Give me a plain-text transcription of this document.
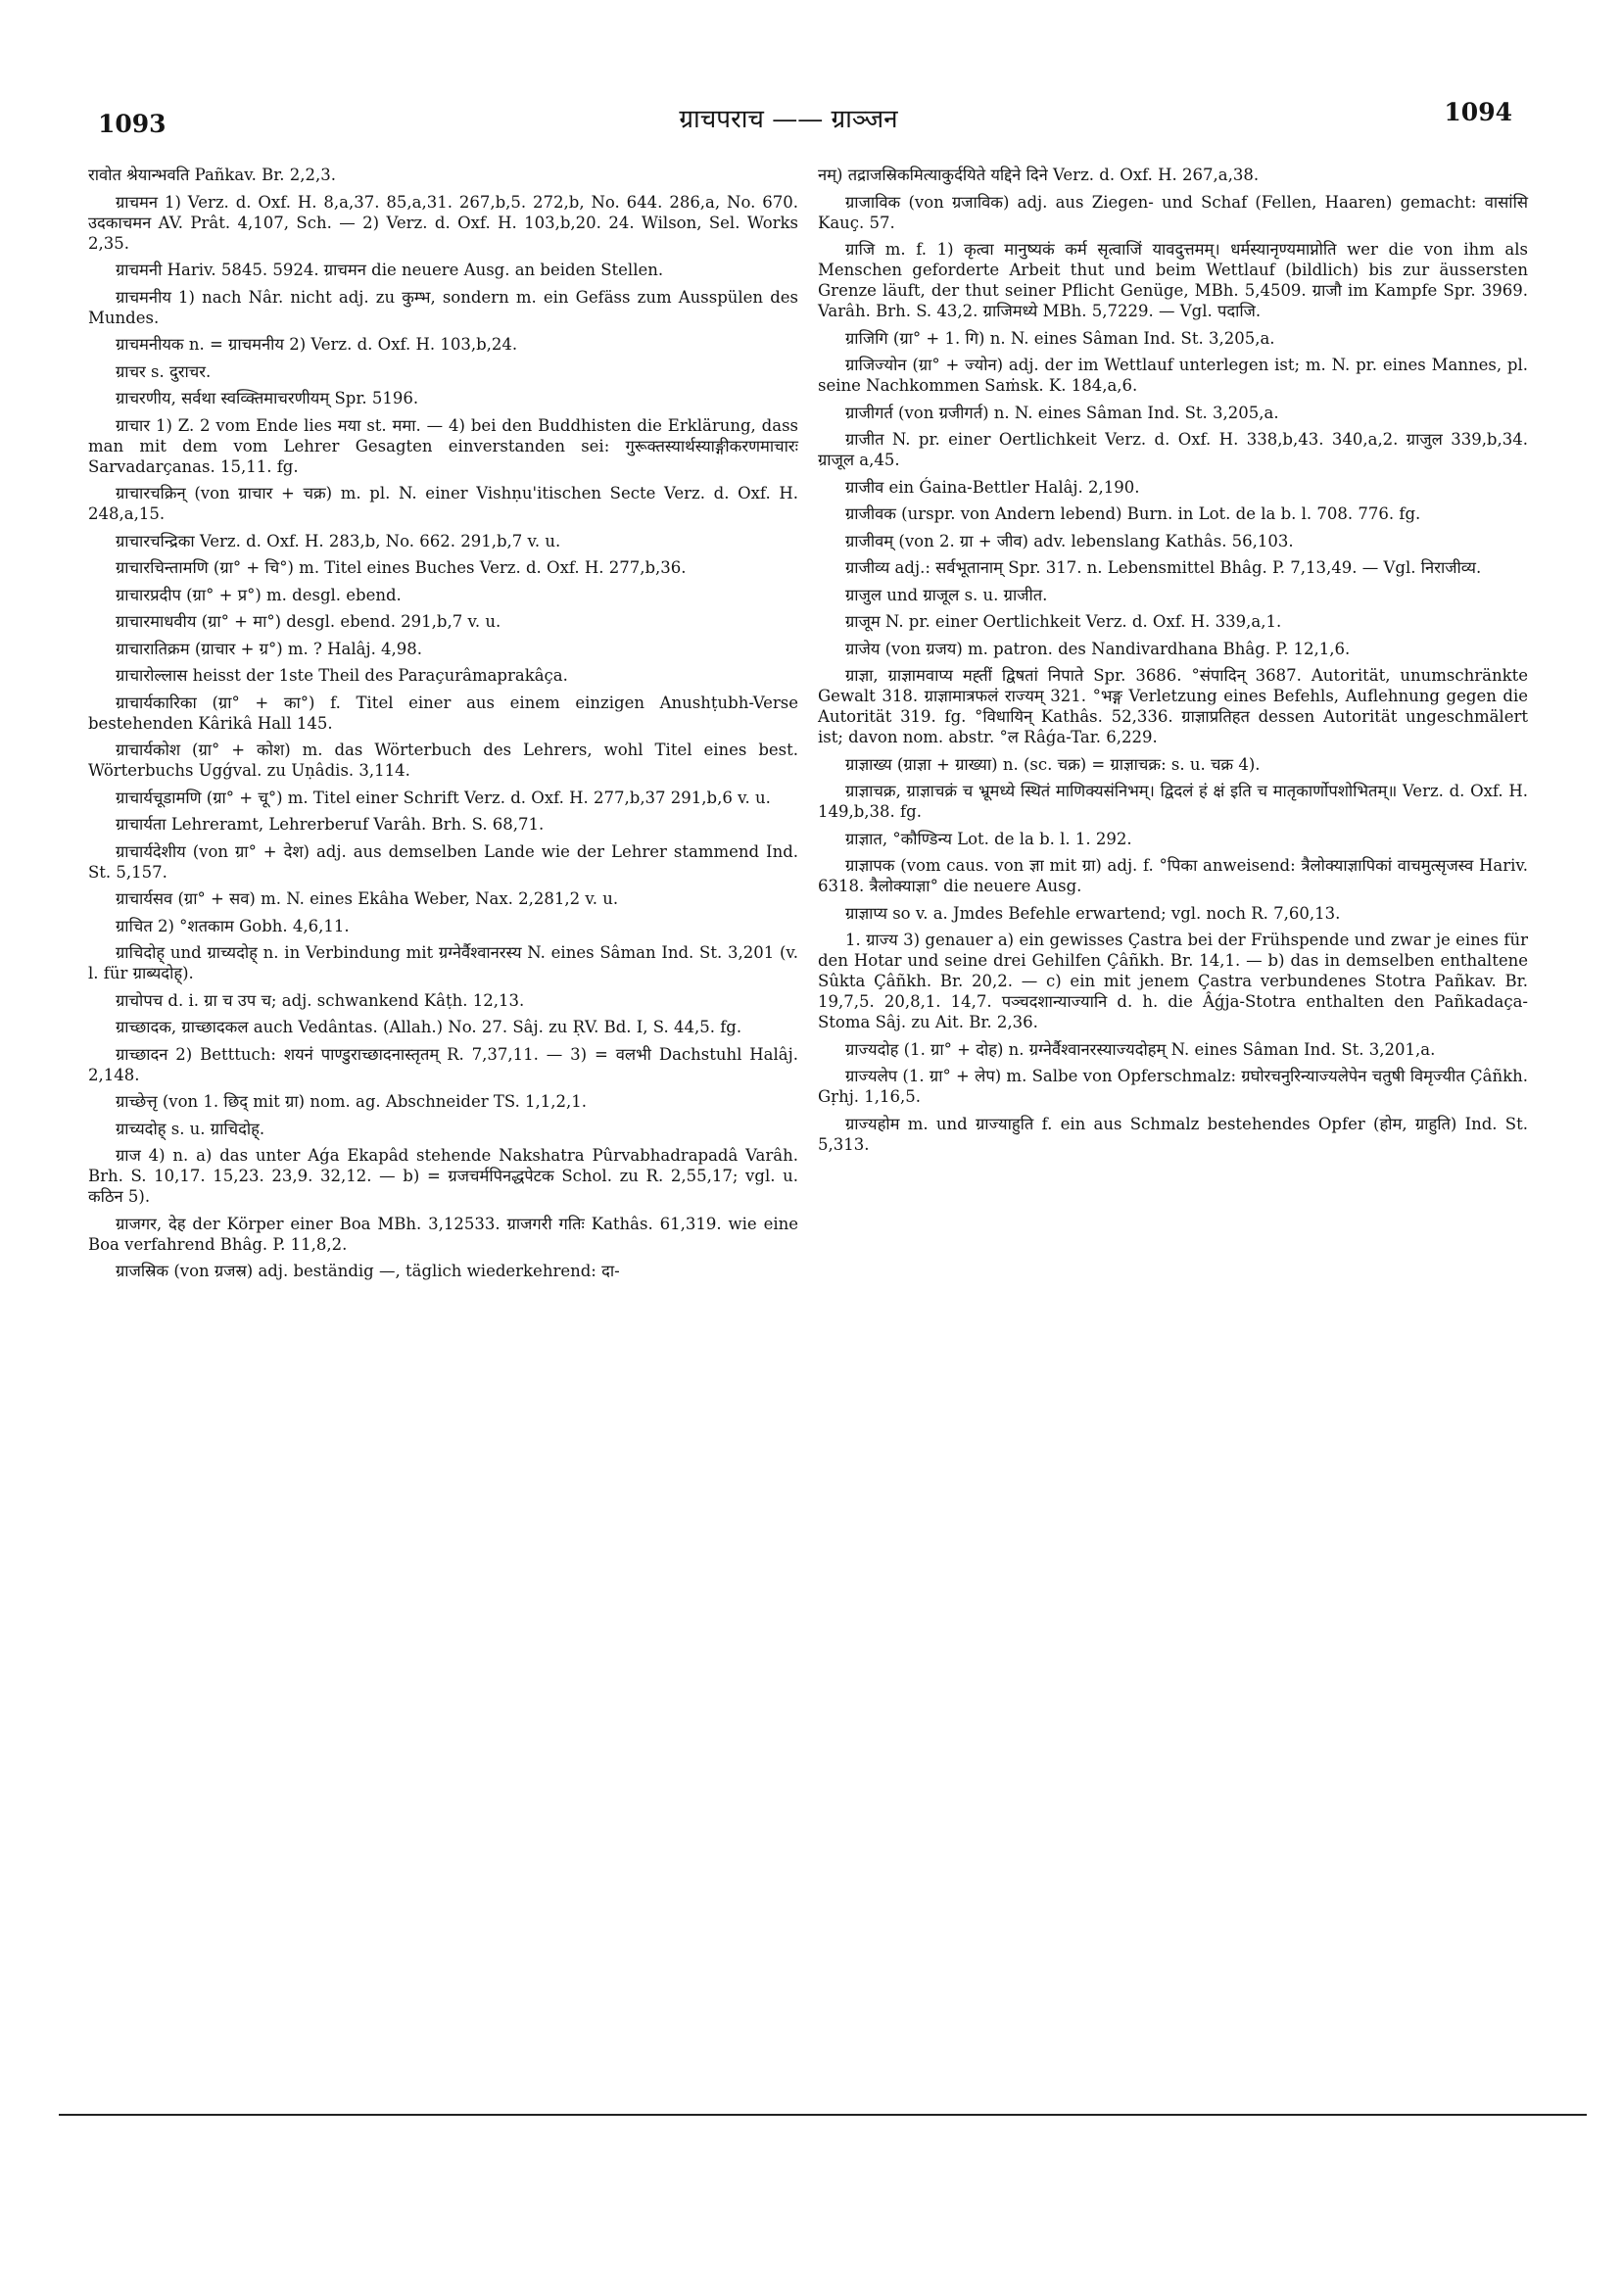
1093	ग्राचपराच —— ग्राञ्जन	1094

रावोत श्रेयान्भवति Pañkav. Br. 2,2,3.

ग्राचमन 1) Verz. d. Oxf. H. 8,a,37. 85,a,31. 267,b,5. 272,b, No. 644. 286,a, No. 670. उदकाचमन AV. Prât. 4,107, Sch. — 2) Verz. d. Oxf. H. 103,b,20. 24. Wilson, Sel. Works 2,35.

ग्राचमनी Hariv. 5845. 5924. ग्राचमन die neuere Ausg. an beiden Stellen.

ग्राचमनीय 1) nach Nâr. nicht adj. zu कुम्भ, sondern m. ein Gefäss zum Ausspülen des Mundes.

ग्राचमनीयक n. = ग्राचमनीय 2) Verz. d. Oxf. H. 103,b,24.

ग्राचर s. दुराचर.

ग्राचरणीय, सर्वथा स्वव्क्तिमाचरणीयम् Spr. 5196.

ग्राचार 1) Z. 2 vom Ende lies मया st. ममा. — 4) bei den Buddhisten die Erklärung, dass man mit dem vom Lehrer Gesagten einverstanden sei: गुरूक्तस्यार्थस्याङ्गीकरणमाचारः Sarvadarçanas. 15,11. fg.

ग्राचारचक्रिन् (von ग्राचार + चक्र) m. pl. N. einer Vishṇu'itischen Secte Verz. d. Oxf. H. 248,a,15.

ग्राचारचन्द्रिका Verz. d. Oxf. H. 283,b, No. 662. 291,b,7 v. u.

ग्राचारचिन्तामणि (ग्रा° + चि°) m. Titel eines Buches Verz. d. Oxf. H. 277,b,36.

ग्राचारप्रदीप (ग्रा° + प्र°) m. desgl. ebend.

ग्राचारमाधवीय (ग्रा° + मा°) desgl. ebend. 291,b,7 v. u.

ग्राचारातिक्रम (ग्राचार + ग्र°) m. ? Halâj. 4,98.

ग्राचारोल्लास heisst der 1ste Theil des Paraçurâmaprakâça.

ग्राचार्यकारिका (ग्रा° + का°) f. Titel einer aus einem einzigen Anushṭubh-Verse bestehenden Kârikâ Hall 145.

ग्राचार्यकोश (ग्रा° + कोश) m. das Wörterbuch des Lehrers, wohl Titel eines best. Wörterbuchs Ugǵval. zu Uṇâdis. 3,114.

ग्राचार्यचूडामणि (ग्रा° + चू°) m. Titel einer Schrift Verz. d. Oxf. H. 277,b,37 291,b,6 v. u.

ग्राचार्यता Lehreramt, Lehrerberuf Varâh. Brh. S. 68,71.

ग्राचार्यदेशीय (von ग्रा° + देश) adj. aus demselben Lande wie der Lehrer stammend Ind. St. 5,157.

ग्राचार्यसव (ग्रा° + सव) m. N. eines Ekâha Weber, Nax. 2,281,2 v. u.

ग्राचित 2) °शतकाम Gobh. 4,6,11.

ग्राचिदोह् und ग्राच्यदोह् n. in Verbindung mit ग्रग्नेर्वैश्वानरस्य N. eines Sâman Ind. St. 3,201 (v. l. für ग्राब्यदोह्).

ग्राचोपच d. i. ग्रा च उप च; adj. schwankend Kâṭh. 12,13.

ग्राच्छादक, ग्राच्छादकल auch Vedântas. (Allah.) No. 27. Sâj. zu ṚV. Bd. I, S. 44,5. fg.

ग्राच्छादन 2) Betttuch: शयनं पाण्डुराच्छादनास्तृतम् R. 7,37,11. — 3) = वलभी Dachstuhl Halâj. 2,148.

ग्राच्छेत्तृ (von 1. छिद् mit ग्रा) nom. ag. Abschneider TS. 1,1,2,1.

ग्राच्यदोह् s. u. ग्राचिदोह्.

ग्राज 4) n. a) das unter Aǵa Ekapâd stehende Nakshatra Pûrvabhadrapadâ Varâh. Brh. S. 10,17. 15,23. 23,9. 32,12. — b) = ग्रजचर्मपिनद्धपेटक Schol. zu R. 2,55,17; vgl. u. कठिन 5).

ग्राजगर, देह der Körper einer Boa MBh. 3,12533. ग्राजगरी गतिः Kathâs. 61,319. wie eine Boa verfahrend Bhâg. P. 11,8,2.

ग्राजस्रिक (von ग्रजस्र) adj. beständig —, täglich wiederkehrend: दा-

नम्) तद्राजस्रिकमित्याकुर्दयिते यद्दिने दिने Verz. d. Oxf. H. 267,a,38.

ग्राजाविक (von ग्रजाविक) adj. aus Ziegen- und Schaf (Fellen, Haaren) gemacht: वासांसि Kauç. 57.

ग्राजि m. f. 1) कृत्वा मानुष्यकं कर्म सृत्वाजिं यावदुत्तमम्। धर्मस्यानृण्यमाप्नोति wer die von ihm als Menschen geforderte Arbeit thut und beim Wettlauf (bildlich) bis zur äussersten Grenze läuft, der thut seiner Pflicht Genüge, MBh. 5,4509. ग्राजौ im Kampfe Spr. 3969. Varâh. Brh. S. 43,2. ग्राजिमध्ये MBh. 5,7229. — Vgl. पदाजि.

ग्राजिगि (ग्रा° + 1. गि) n. N. eines Sâman Ind. St. 3,205,a.

ग्राजिज्योन (ग्रा° + ज्योन) adj. der im Wettlauf unterlegen ist; m. N. pr. eines Mannes, pl. seine Nachkommen Saṁsk. K. 184,a,6.

ग्राजीगर्त (von ग्रजीगर्त) n. N. eines Sâman Ind. St. 3,205,a.

ग्राजीत N. pr. einer Oertlichkeit Verz. d. Oxf. H. 338,b,43. 340,a,2. ग्राजुल 339,b,34. ग्राजूल a,45.

ग्राजीव ein Ǵaina-Bettler Halâj. 2,190.

ग्राजीवक (urspr. von Andern lebend) Burn. in Lot. de la b. l. 708. 776. fg.

ग्राजीवम् (von 2. ग्रा + जीव) adv. lebenslang Kathâs. 56,103.

ग्राजीव्य adj.: सर्वभूतानाम् Spr. 317. n. Lebensmittel Bhâg. P. 7,13,49. — Vgl. निराजीव्य.

ग्राजुल und ग्राजूल s. u. ग्राजीत.

ग्राजूम N. pr. einer Oertlichkeit Verz. d. Oxf. H. 339,a,1.

ग्राजेय (von ग्रजय) m. patron. des Nandivardhana Bhâg. P. 12,1,6.

ग्राज्ञा, ग्राज्ञामवाप्य मह्तीं द्विषतां निपाते Spr. 3686. °संपादिन् 3687. Autorität, unumschränkte Gewalt 318. ग्राज्ञामात्रफलं राज्यम् 321. °भङ्ग Verletzung eines Befehls, Auflehnung gegen die Autorität 319. fg. °विधायिन् Kathâs. 52,336. ग्राज्ञाप्रतिहत dessen Autorität ungeschmälert ist; davon nom. abstr. °ल Râǵa-Tar. 6,229.

ग्राज्ञाख्य (ग्राज्ञा + ग्राख्या) n. (sc. चक्र) = ग्राज्ञाचक्र: s. u. चक्र 4).

ग्राज्ञाचक्र, ग्राज्ञाचक्रं च भ्रूमध्ये स्थितं माणिक्यसंनिभम्। द्विदलं हं क्षं इति च मातृकार्णोपशोभितम्॥ Verz. d. Oxf. H. 149,b,38. fg.

ग्राज्ञात, °कौण्डिन्य Lot. de la b. l. 1. 292.

ग्राज्ञापक (vom caus. von ज्ञा mit ग्रा) adj. f. °पिका anweisend: त्रैलोक्याज्ञापिकां वाचमुत्सृजस्व Hariv. 6318. त्रैलोक्याज्ञा° die neuere Ausg.

ग्राज्ञाप्य so v. a. Jmdes Befehle erwartend; vgl. noch R. 7,60,13.

1. ग्राज्य 3) genauer a) ein gewisses Çastra bei der Frühspende und zwar je eines für den Hotar und seine drei Gehilfen Çâñkh. Br. 14,1. — b) das in demselben enthaltene Sûkta Çâñkh. Br. 20,2. — c) ein mit jenem Çastra verbundenes Stotra Pañkav. Br. 19,7,5. 20,8,1. 14,7. पञ्चदशान्याज्यानि d. h. die Âǵja-Stotra enthalten den Pañkadaça-Stoma Sâj. zu Ait. Br. 2,36.

ग्राज्यदोह (1. ग्रा° + दोह) n. ग्रग्नेर्वैश्वानरस्याज्यदोहम् N. eines Sâman Ind. St. 3,201,a.

ग्राज्यलेप (1. ग्रा° + लेप) m. Salbe von Opferschmalz: ग्रघोरचनुरिन्याज्यलेपेन चतुषी विमृज्यीत Çâñkh. Gṛhj. 1,16,5.

ग्राज्यहोम m. und ग्राज्याहुति f. ein aus Schmalz bestehendes Opfer (होम, ग्राहुति) Ind. St. 5,313.
